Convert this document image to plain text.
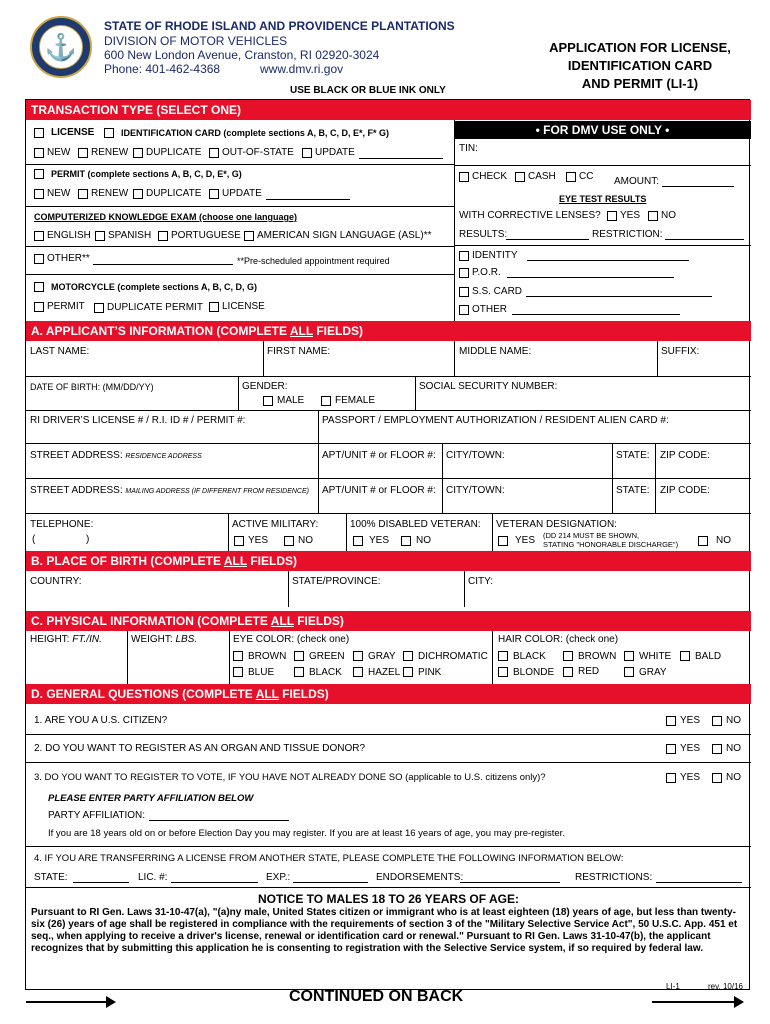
⚓
STATE OF RHODE ISLAND AND PROVIDENCE PLANTATIONS
DIVISION OF MOTOR VEHICLES
600 New London Avenue, Cranston, RI 02920-3024
Phone: 401-462-4368	www.dmv.ri.gov
APPLICATION FOR LICENSE,
IDENTIFICATION CARD
AND PERMIT (LI-1)
USE BLACK OR BLUE INK ONLY
TRANSACTION TYPE (SELECT ONE)
• FOR DMV USE ONLY •
LICENSE	IDENTIFICATION CARD (complete sections A, B, C, D, E*, F* G)
NEW RENEW DUPLICATE OUT-OF-STATE UPDATE
PERMIT (complete sections A, B, C, D, E*, G)
NEW RENEW DUPLICATE UPDATE
COMPUTERIZED KNOWLEDGE EXAM (choose one language)
ENGLISH SPANISH PORTUGUESE AMERICAN SIGN LANGUAGE (ASL)**
OTHER**	**Pre-scheduled appointment required
MOTORCYCLE (complete sections A, B, C, D, G)
PERMIT DUPLICATE PERMIT LICENSE
TIN:
CHECK CASH CC AMOUNT:
EYE TEST RESULTS
WITH CORRECTIVE LENSES? YES NO
RESULTS:	RESTRICTION:
IDENTITY
P.O.R.
S.S. CARD
OTHER
A. APPLICANT’S INFORMATION (COMPLETE ALL FIELDS)
LAST NAME:	FIRST NAME:	MIDDLE NAME:	SUFFIX:
DATE OF BIRTH: (MM/DD/YY)	GENDER:
MALE	FEMALE
SOCIAL SECURITY NUMBER:
RI DRIVER’S LICENSE # / R.I. ID # / PERMIT #:	PASSPORT / EMPLOYMENT AUTHORIZATION / RESIDENT ALIEN CARD #:
STREET ADDRESS: RESIDENCE ADDRESS	APT/UNIT # or FLOOR #: CITY/TOWN:	STATE: ZIP CODE:
STREET ADDRESS: MAILING ADDRESS (IF DIFFERENT FROM RESIDENCE) APT/UNIT # or FLOOR #: CITY/TOWN:	STATE: ZIP CODE:
TELEPHONE:
(	)
ACTIVE MILITARY:
YES	NO
100% DISABLED VETERAN:
YES	NO
VETERAN DESIGNATION:
YES (DD 214 MUST BE SHOWN,
STATING "HONORABLE DISCHARGE")	NO
B. PLACE OF BIRTH (COMPLETE ALL FIELDS)
COUNTRY:	STATE/PROVINCE:	CITY:
C. PHYSICAL INFORMATION (COMPLETE ALL FIELDS)
HEIGHT: FT./IN.	WEIGHT: LBS.	EYE COLOR: (check one)
BROWN GREEN GRAY DICHROMATIC
BLUE	BLACK	HAZEL PINK
HAIR COLOR: (check one)
BLACK	BROWN WHITE BALD
BLONDE RED	GRAY
D. GENERAL QUESTIONS (COMPLETE ALL FIELDS)
1. ARE YOU A U.S. CITIZEN?	YES	NO
2. DO YOU WANT TO REGISTER AS AN ORGAN AND TISSUE DONOR?	YES	NO
3. DO YOU WANT TO REGISTER TO VOTE, IF YOU HAVE NOT ALREADY DONE SO (applicable to U.S. citizens only)?	YES	NO
PLEASE ENTER PARTY AFFILIATION BELOW
PARTY AFFILIATION:
If you are 18 years old on or before Election Day you may register. If you are at least 16 years of age, you may pre-register.
4. IF YOU ARE TRANSFERRING A LICENSE FROM ANOTHER STATE, PLEASE COMPLETE THE FOLLOWING INFORMATION BELOW:
STATE:	LIC. #:	EXP.:	ENDORSEMENTS:	RESTRICTIONS:
NOTICE TO MALES 18 TO 26 YEARS OF AGE:
Pursuant to RI Gen. Laws 31-10-47(a), "(a)ny male, United States citizen or immigrant who is at least eighteen (18) years of age, but less than twenty-six (26) years of age shall be registered in compliance with the requirements of section 3 of the "Military Selective Service Act", 50 U.S.C. App. 451 et seq., when applying to receive a driver's license, renewal or identification card or renewal." Pursuant to RI Gen. Laws 31-10-47(b), the applicant recognizes that by submitting this application he is consenting to registration with the Selective Service system, if so required by federal law.
CONTINUED ON BACK
LI-1	rev. 10/16
